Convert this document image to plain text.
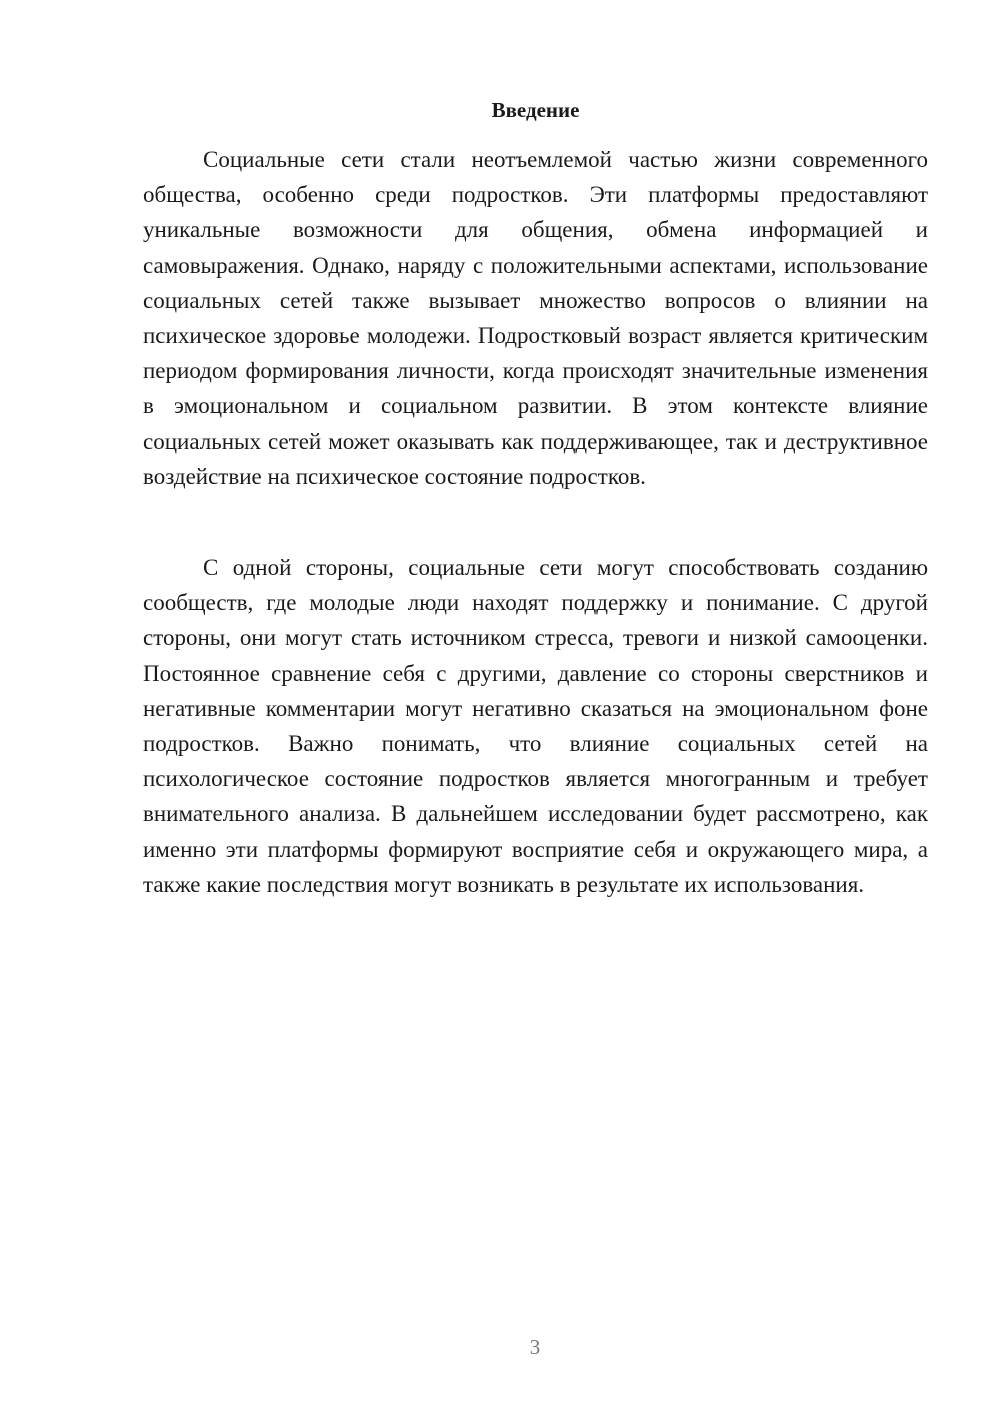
Введение

Социальные сети стали неотъемлемой частью жизни современного общества, особенно среди подростков. Эти платформы предоставляют уникальные возможности для общения, обмена информацией и самовыражения. Однако, наряду с положительными аспектами, использование социальных сетей также вызывает множество вопросов о влиянии на психическое здоровье молодежи. Подростковый возраст является критическим периодом формирования личности, когда происходят значительные изменения в эмоциональном и социальном развитии. В этом контексте влияние социальных сетей может оказывать как поддерживающее, так и деструктивное воздействие на психическое состояние подростков.

С одной стороны, социальные сети могут способствовать созданию сообществ, где молодые люди находят поддержку и понимание. С другой стороны, они могут стать источником стресса, тревоги и низкой самооценки. Постоянное сравнение себя с другими, давление со стороны сверстников и негативные комментарии могут негативно сказаться на эмоциональном фоне подростков. Важно понимать, что влияние социальных сетей на психологическое состояние подростков является многогранным и требует внимательного анализа. В дальнейшем исследовании будет рассмотрено, как именно эти платформы формируют восприятие себя и окружающего мира, а также какие последствия могут возникать в результате их использования.

3
